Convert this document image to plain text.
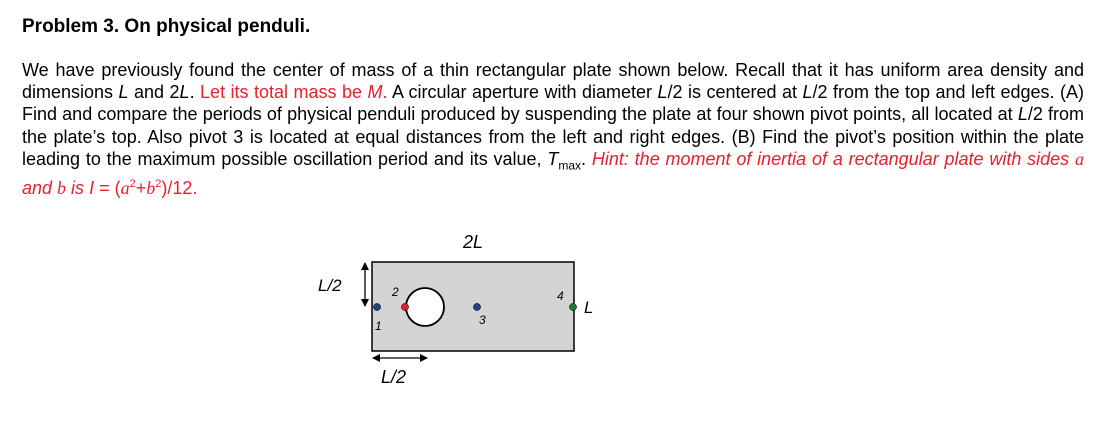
Problem 3. On physical penduli.

We have previously found the center of mass of a thin rectangular plate shown below. Recall that it has uniform area density and dimensions L and 2L. Let its total mass be M. A circular aperture with diameter L/2 is centered at L/2 from the top and left edges. (A) Find and compare the periods of physical penduli produced by suspending the plate at four shown pivot points, all located at L/2 from the plate’s top. Also pivot 3 is located at equal distances from the left and right edges. (B) Find the pivot’s position within the plate leading to the maximum possible oscillation period and its value, $T_{max}$. Hint: the moment of inertia of a rectangular plate with sides a and b is $I = (a^2+b^2)/12$.

2L
L/2
L
L/2
1
2
3
4
